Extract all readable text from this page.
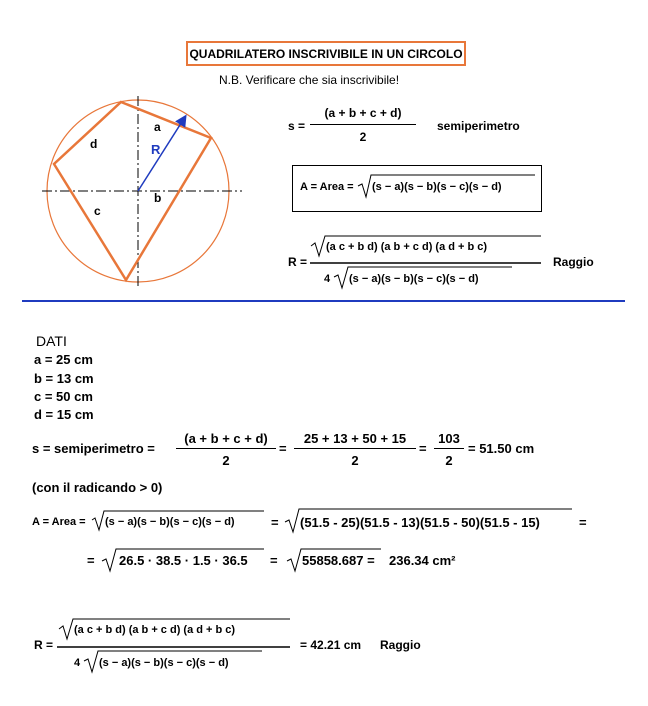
QUADRILATERO INSCRIVIBILE IN UN CIRCOLO
N.B. Verificare che sia inscrivibile!
a
d
b
c
R
s =
(a + b + c + d)
2
semiperimetro
A = Area = (s − a)(s − b)(s − c)(s − d)
R =
(a c + b d) (a b + c d) (a d + b c)
4 (s − a)(s − b)(s − c)(s − d)
Raggio
DATI
a = 25 cm
b = 13 cm
c = 50 cm
d = 15 cm
s = semiperimetro =
(a + b + c + d)
2
=
25 + 13 + 50 + 15
2
=
103
2
= 51.50 cm
(con il radicando > 0)
A = Area = (s − a)(s − b)(s − c)(s − d)	= (51.5 - 25)(51.5 - 13)(51.5 - 50)(51.5 - 15)	=
= 26.5 · 38.5 · 1.5 · 36.5 = 55858.687 = 236.34 cm²
R =
(a c + b d) (a b + c d) (a d + b c)
4 (s − a)(s − b)(s − c)(s − d)
= 42.21 cm Raggio
